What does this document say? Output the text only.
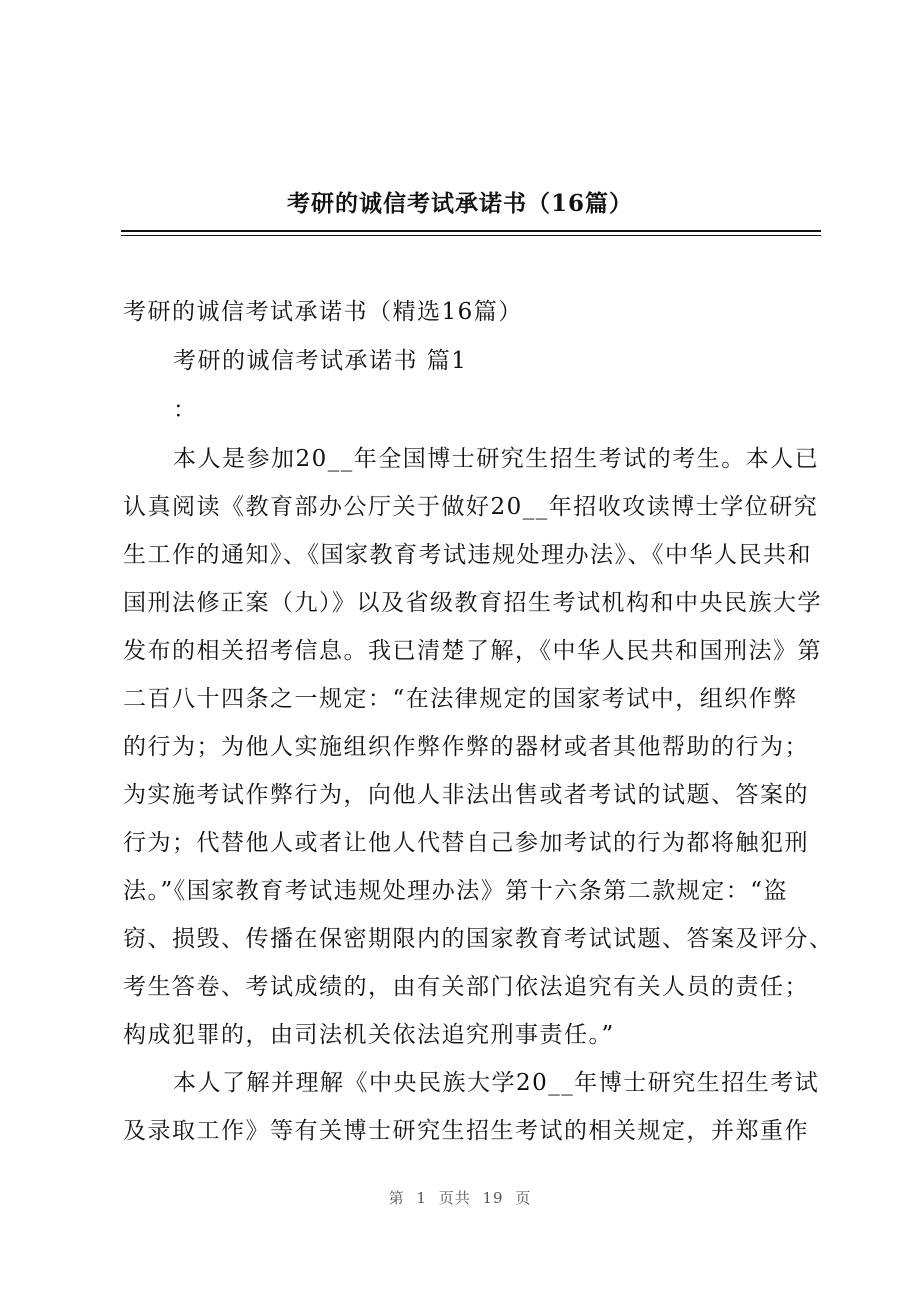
考研的诚信考试承诺书（16篇）
考研的诚信考试承诺书（精选16篇）
考研的诚信考试承诺书 篇1
：
本人是参加20__年全国博士研究生招生考试的考生。本人已
认真阅读《教育部办公厅关于做好20__年招收攻读博士学位研究
生工作的通知》、《国家教育考试违规处理办法》、《中华人民共和
国刑法修正案（九）》以及省级教育招生考试机构和中央民族大学
发布的相关招考信息。我已清楚了解，《中华人民共和国刑法》第
二百八十四条之一规定：“在法律规定的国家考试中，组织作弊
的行为；为他人实施组织作弊作弊的器材或者其他帮助的行为；
为实施考试作弊行为，向他人非法出售或者考试的试题、答案的
行为；代替他人或者让他人代替自己参加考试的行为都将触犯刑
法。”《国家教育考试违规处理办法》第十六条第二款规定：“盗
窃、损毁、传播在保密期限内的国家教育考试试题、答案及评分、
考生答卷、考试成绩的，由有关部门依法追究有关人员的责任；
构成犯罪的，由司法机关依法追究刑事责任。”
本人了解并理解《中央民族大学20__年博士研究生招生考试
及录取工作》等有关博士研究生招生考试的相关规定，并郑重作
第 1 页共 19 页
